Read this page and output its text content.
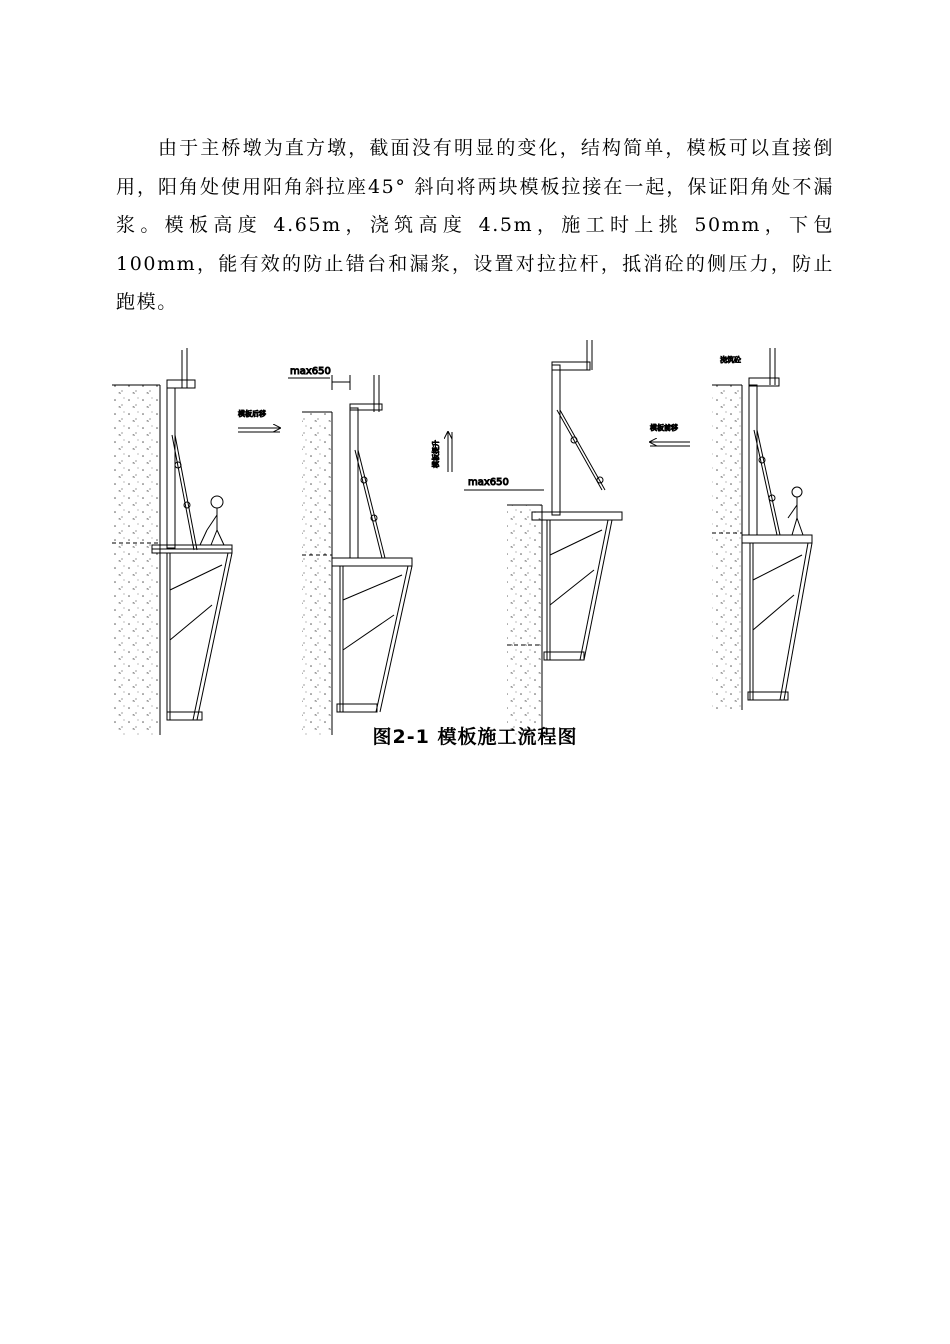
由于主桥墩为直方墩，截面没有明显的变化，结构简单，模板可以直接倒用，阳角处使用阳角斜拉座45° 斜向将两块模板拉接在一起，保证阳角处不漏浆。模板高度 4.65m，浇筑高度 4.5m，施工时上挑 50mm，下包 100mm，能有效的防止错台和漏浆，设置对拉拉杆，抵消砼的侧压力，防止跑模。

模板后移
max650
模板提升
max650
模板前移
浇筑砼
图2-1 模板施工流程图
